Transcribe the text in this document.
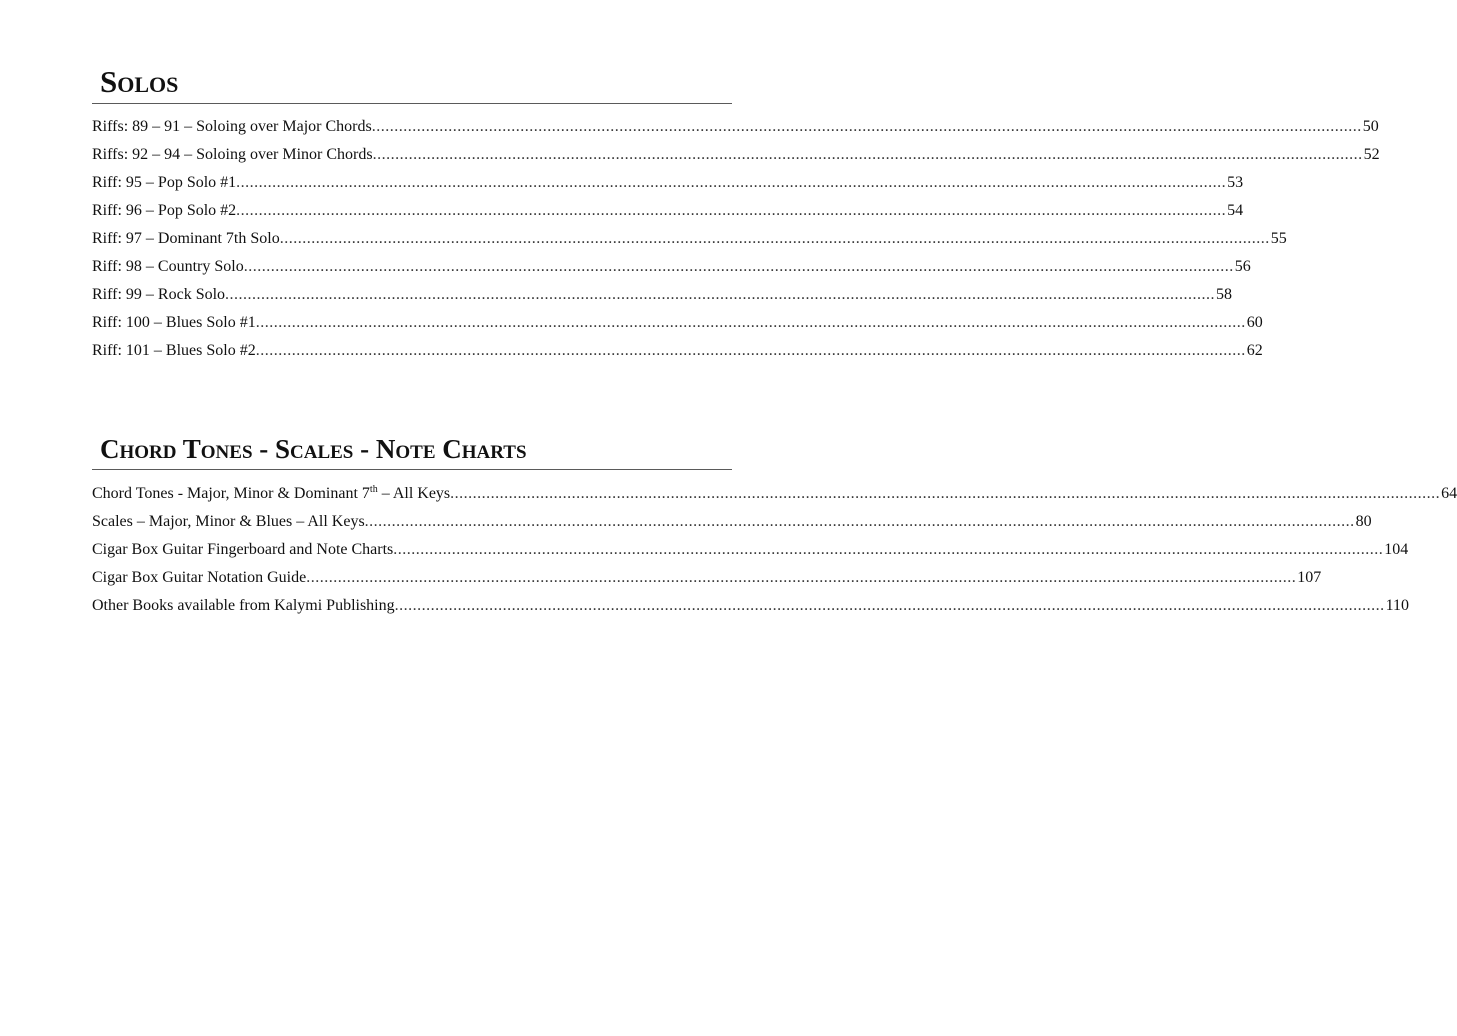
Solos
Riffs: 89 – 91 – Soloing over Major Chords ............................................................................................................................................................................................................................ 50
Riffs: 92 – 94 – Soloing over Minor Chords ............................................................................................................................................................................................................................ 52
Riff: 95 – Pop Solo #1 ............................................................................................................................................................................................................................ 53
Riff: 96 – Pop Solo #2 ............................................................................................................................................................................................................................ 54
Riff: 97 – Dominant 7th Solo ............................................................................................................................................................................................................................ 55
Riff: 98 – Country Solo ............................................................................................................................................................................................................................ 56
Riff: 99 – Rock Solo ............................................................................................................................................................................................................................ 58
Riff: 100 – Blues Solo #1 ............................................................................................................................................................................................................................ 60
Riff: 101 – Blues Solo #2 ............................................................................................................................................................................................................................ 62
Chord Tones - Scales - Note Charts
Chord Tones - Major, Minor & Dominant 7th – All Keys ............................................................................................................................................................................................................................ 64
Scales – Major, Minor & Blues – All Keys ............................................................................................................................................................................................................................ 80
Cigar Box Guitar Fingerboard and Note Charts ............................................................................................................................................................................................................................ 104
Cigar Box Guitar Notation Guide ............................................................................................................................................................................................................................ 107
Other Books available from Kalymi Publishing ............................................................................................................................................................................................................................ 110
